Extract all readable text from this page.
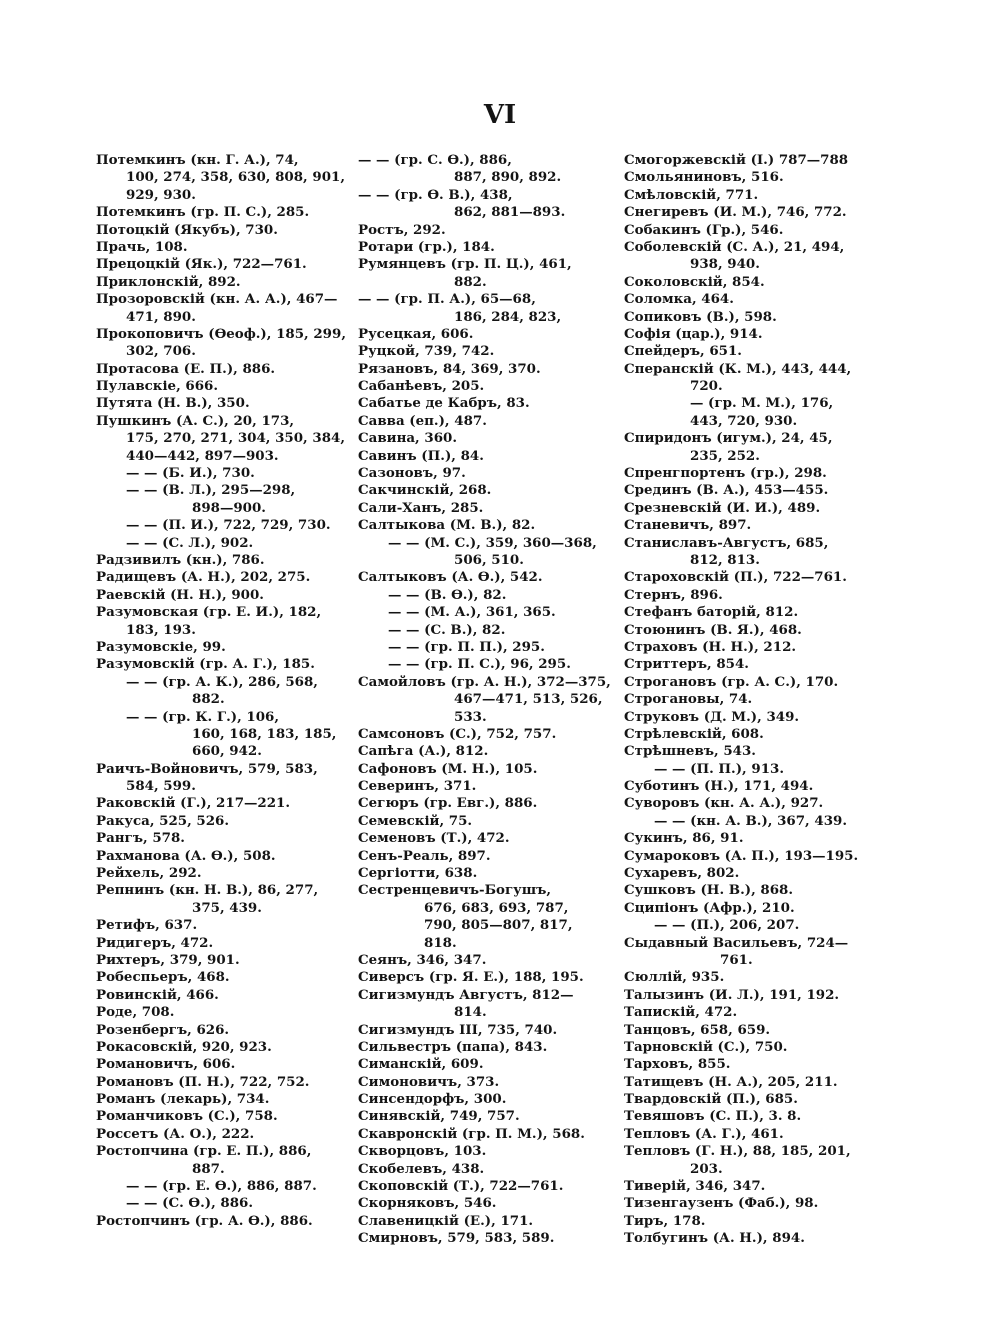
VI
Потемкинъ (кн. Г. А.), 74,
100, 274, 358, 630, 808, 901,
929, 930.
Потемкинъ (гр. П. С.), 285.
Потоцкій (Якубъ), 730.
Прачь, 108.
Прецоцкій (Як.), 722—761.
Приклонскій, 892.
Прозоровскій (кн. А. А.), 467—
471, 890.
Прокоповичъ (Өеоф.), 185, 299,
302, 706.
Протасова (Е. П.), 886.
Пулавскіе, 666.
Путята (Н. В.), 350.
Пушкинъ (А. С.), 20, 173,
175, 270, 271, 304, 350, 384,
440—442, 897—903.
— — (Б. И.), 730.
— — (В. Л.), 295—298,
898—900.
— — (П. И.), 722, 729, 730.
— — (С. Л.), 902.
Радзивилъ (кн.), 786.
Радищевъ (А. Н.), 202, 275.
Раевскій (Н. Н.), 900.
Разумовская (гр. Е. И.), 182,
183, 193.
Разумовскіе, 99.
Разумовскій (гр. А. Г.), 185.
— — (гр. А. К.), 286, 568,
882.
— — (гр. К. Г.), 106,
160, 168, 183, 185,
660, 942.
Раичъ-Войновичъ, 579, 583,
584, 599.
Раковскій (Г.), 217—221.
Ракуса, 525, 526.
Рангъ, 578.
Рахманова (А. Ө.), 508.
Рейхель, 292.
Репнинъ (кн. Н. В.), 86, 277,
375, 439.
Ретифъ, 637.
Ридигеръ, 472.
Рихтеръ, 379, 901.
Робеспьеръ, 468.
Ровинскій, 466.
Роде, 708.
Розенбергъ, 626.
Рокасовскій, 920, 923.
Романовичъ, 606.
Романовъ (П. Н.), 722, 752.
Романъ (лекарь), 734.
Романчиковъ (С.), 758.
Россетъ (А. О.), 222.
Ростопчина (гр. Е. П.), 886,
887.
— — (гр. Е. Ө.), 886, 887.
— — (С. Ө.), 886.
Ростопчинъ (гр. А. Ө.), 886.
— — (гр. С. Ө.), 886,
887, 890, 892.
— — (гр. Ө. В.), 438,
862, 881—893.
Ростъ, 292.
Ротари (гр.), 184.
Румянцевъ (гр. П. Ц.), 461,
882.
— — (гр. П. А.), 65—68,
186, 284, 823,
Русецкая, 606.
Руцкой, 739, 742.
Рязановъ, 84, 369, 370.
Сабанѣевъ, 205.
Сабатье де Кабръ, 83.
Савва (еп.), 487.
Савина, 360.
Савинъ (П.), 84.
Сазоновъ, 97.
Сакчинскій, 268.
Сали-Ханъ, 285.
Салтыкова (М. В.), 82.
— — (М. С.), 359, 360—368,
506, 510.
Салтыковъ (А. Ө.), 542.
— — (В. Ө.), 82.
— — (М. А.), 361, 365.
— — (С. В.), 82.
— — (гр. П. П.), 295.
— — (гр. П. С.), 96, 295.
Самойловъ (гр. А. Н.), 372—375,
467—471, 513, 526,
533.
Самсоновъ (С.), 752, 757.
Сапѣга (А.), 812.
Сафоновъ (М. Н.), 105.
Северинъ, 371.
Сегюръ (гр. Евг.), 886.
Семевскій, 75.
Семеновъ (Т.), 472.
Сенъ-Реаль, 897.
Сергіотти, 638.
Сестренцевичъ-Богушъ,
676, 683, 693, 787,
790, 805—807, 817,
818.
Сеянъ, 346, 347.
Сиверсъ (гр. Я. Е.), 188, 195.
Сигизмундъ Августъ, 812—
814.
Сигизмундъ III, 735, 740.
Сильвестръ (папа), 843.
Симанскій, 609.
Симоновичъ, 373.
Синсендорфъ, 300.
Синявскій, 749, 757.
Скавронскій (гр. П. М.), 568.
Скворцовъ, 103.
Скобелевъ, 438.
Скоповскій (Т.), 722—761.
Скорняковъ, 546.
Славеницкій (Е.), 171.
Смирновъ, 579, 583, 589.
Смогоржевскій (I.) 787—788
Смольяниновъ, 516.
Смѣловскій, 771.
Снегиревъ (И. М.), 746, 772.
Собакинъ (Гр.), 546.
Соболевскій (С. А.), 21, 494,
938, 940.
Соколовскій, 854.
Соломка, 464.
Сопиковъ (В.), 598.
Софія (цар.), 914.
Спейдеръ, 651.
Сперанскій (К. М.), 443, 444,
720.
— (гр. М. М.), 176,
443, 720, 930.
Спиридонъ (игум.), 24, 45,
235, 252.
Спренгпортенъ (гр.), 298.
Срединъ (В. А.), 453—455.
Срезневскій (И. И.), 489.
Станевичъ, 897.
Станиславъ-Августъ, 685,
812, 813.
Староховскій (П.), 722—761.
Стернъ, 896.
Стефанъ баторій, 812.
Стоюнинъ (В. Я.), 468.
Страховъ (Н. Н.), 212.
Стриттеръ, 854.
Строгановъ (гр. А. С.), 170.
Строгановы, 74.
Струковъ (Д. М.), 349.
Стрѣлевскій, 608.
Стрѣшневъ, 543.
— — (П. П.), 913.
Суботинъ (Н.), 171, 494.
Суворовъ (кн. А. А.), 927.
— — (кн. А. В.), 367, 439.
Сукинъ, 86, 91.
Сумароковъ (А. П.), 193—195.
Сухаревъ, 802.
Сушковъ (Н. В.), 868.
Сципіонъ (Афр.), 210.
— — (П.), 206, 207.
Сыдавный Васильевъ, 724—
761.
Сюллій, 935.
Талызинъ (И. Л.), 191, 192.
Тапискій, 472.
Танцовъ, 658, 659.
Тарновскій (С.), 750.
Тарховъ, 855.
Татищевъ (Н. А.), 205, 211.
Твардовскій (П.), 685.
Тевяшовъ (С. П.), 3. 8.
Тепловъ (А. Г.), 461.
Тепловъ (Г. Н.), 88, 185, 201,
203.
Тиверій, 346, 347.
Тизенгаузенъ (Фаб.), 98.
Тиръ, 178.
Толбугинъ (А. Н.), 894.
